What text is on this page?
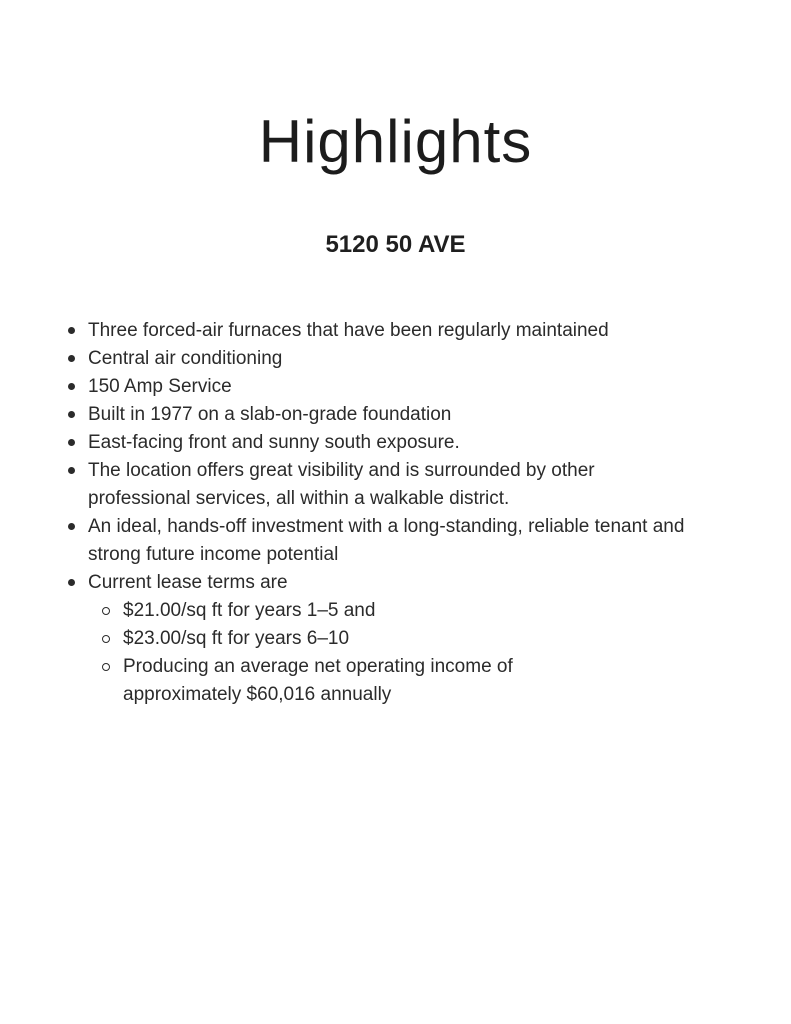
Highlights
5120 50 AVE
Three forced-air furnaces that have been regularly maintained
Central air conditioning
150 Amp Service
Built in 1977 on a slab-on-grade foundation
East-facing front and sunny south exposure.
The location offers great visibility and is surrounded by other professional services, all within a walkable district.
An ideal, hands-off investment with a long-standing, reliable tenant and strong future income potential
Current lease terms are
$21.00/sq ft for years 1–5 and
$23.00/sq ft for years 6–10
Producing an average net operating income of approximately $60,016 annually
